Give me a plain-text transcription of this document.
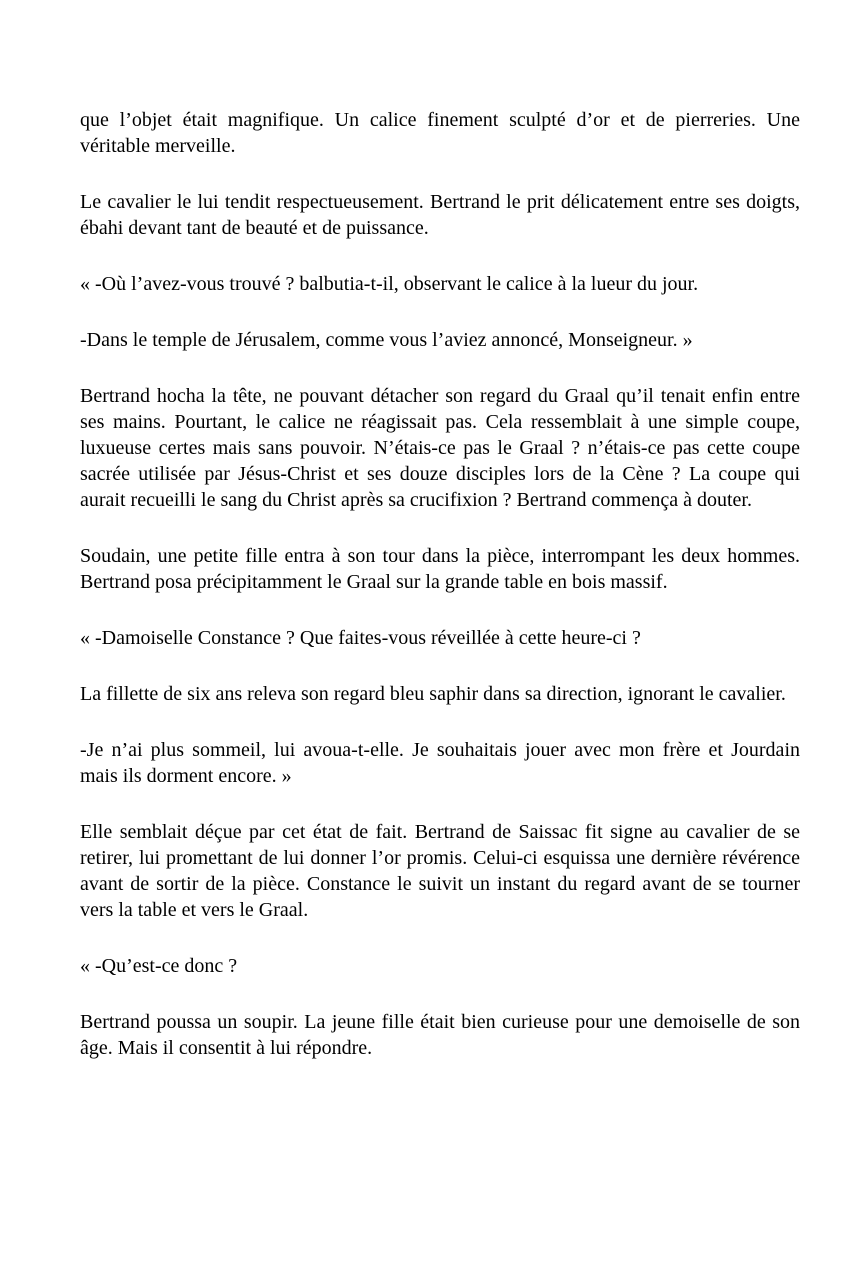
que l’objet était magnifique. Un calice finement sculpté d’or et de pierreries. Une véritable merveille.

Le cavalier le lui tendit respectueusement. Bertrand le prit délicatement entre ses doigts, ébahi devant tant de beauté et de puissance.

« -Où l’avez-vous trouvé ? balbutia-t-il, observant le calice à la lueur du jour.

-Dans le temple de Jérusalem, comme vous l’aviez annoncé, Monseigneur. »

Bertrand hocha la tête, ne pouvant détacher son regard du Graal qu’il tenait enfin entre ses mains. Pourtant, le calice ne réagissait pas. Cela ressemblait à une simple coupe, luxueuse certes mais sans pouvoir. N’étais-ce pas le Graal ? n’étais-ce pas cette coupe sacrée utilisée par Jésus-Christ et ses douze disciples lors de la Cène ? La coupe qui aurait recueilli le sang du Christ après sa crucifixion ? Bertrand commença à douter.

Soudain, une petite fille entra à son tour dans la pièce, interrompant les deux hommes. Bertrand posa précipitamment le Graal sur la grande table en bois massif.

« -Damoiselle Constance ? Que faites-vous réveillée à cette heure-ci ?

La fillette de six ans releva son regard bleu saphir dans sa direction, ignorant le cavalier.

-Je n’ai plus sommeil, lui avoua-t-elle. Je souhaitais jouer avec mon frère et Jourdain mais ils dorment encore. »

Elle semblait déçue par cet état de fait. Bertrand de Saissac fit signe au cavalier de se retirer, lui promettant de lui donner l’or promis. Celui-ci esquissa une dernière révérence avant de sortir de la pièce. Constance le suivit un instant du regard avant de se tourner vers la table et vers le Graal.

« -Qu’est-ce donc ?

Bertrand poussa un soupir. La jeune fille était bien curieuse pour une demoiselle de son âge. Mais il consentit à lui répondre.
